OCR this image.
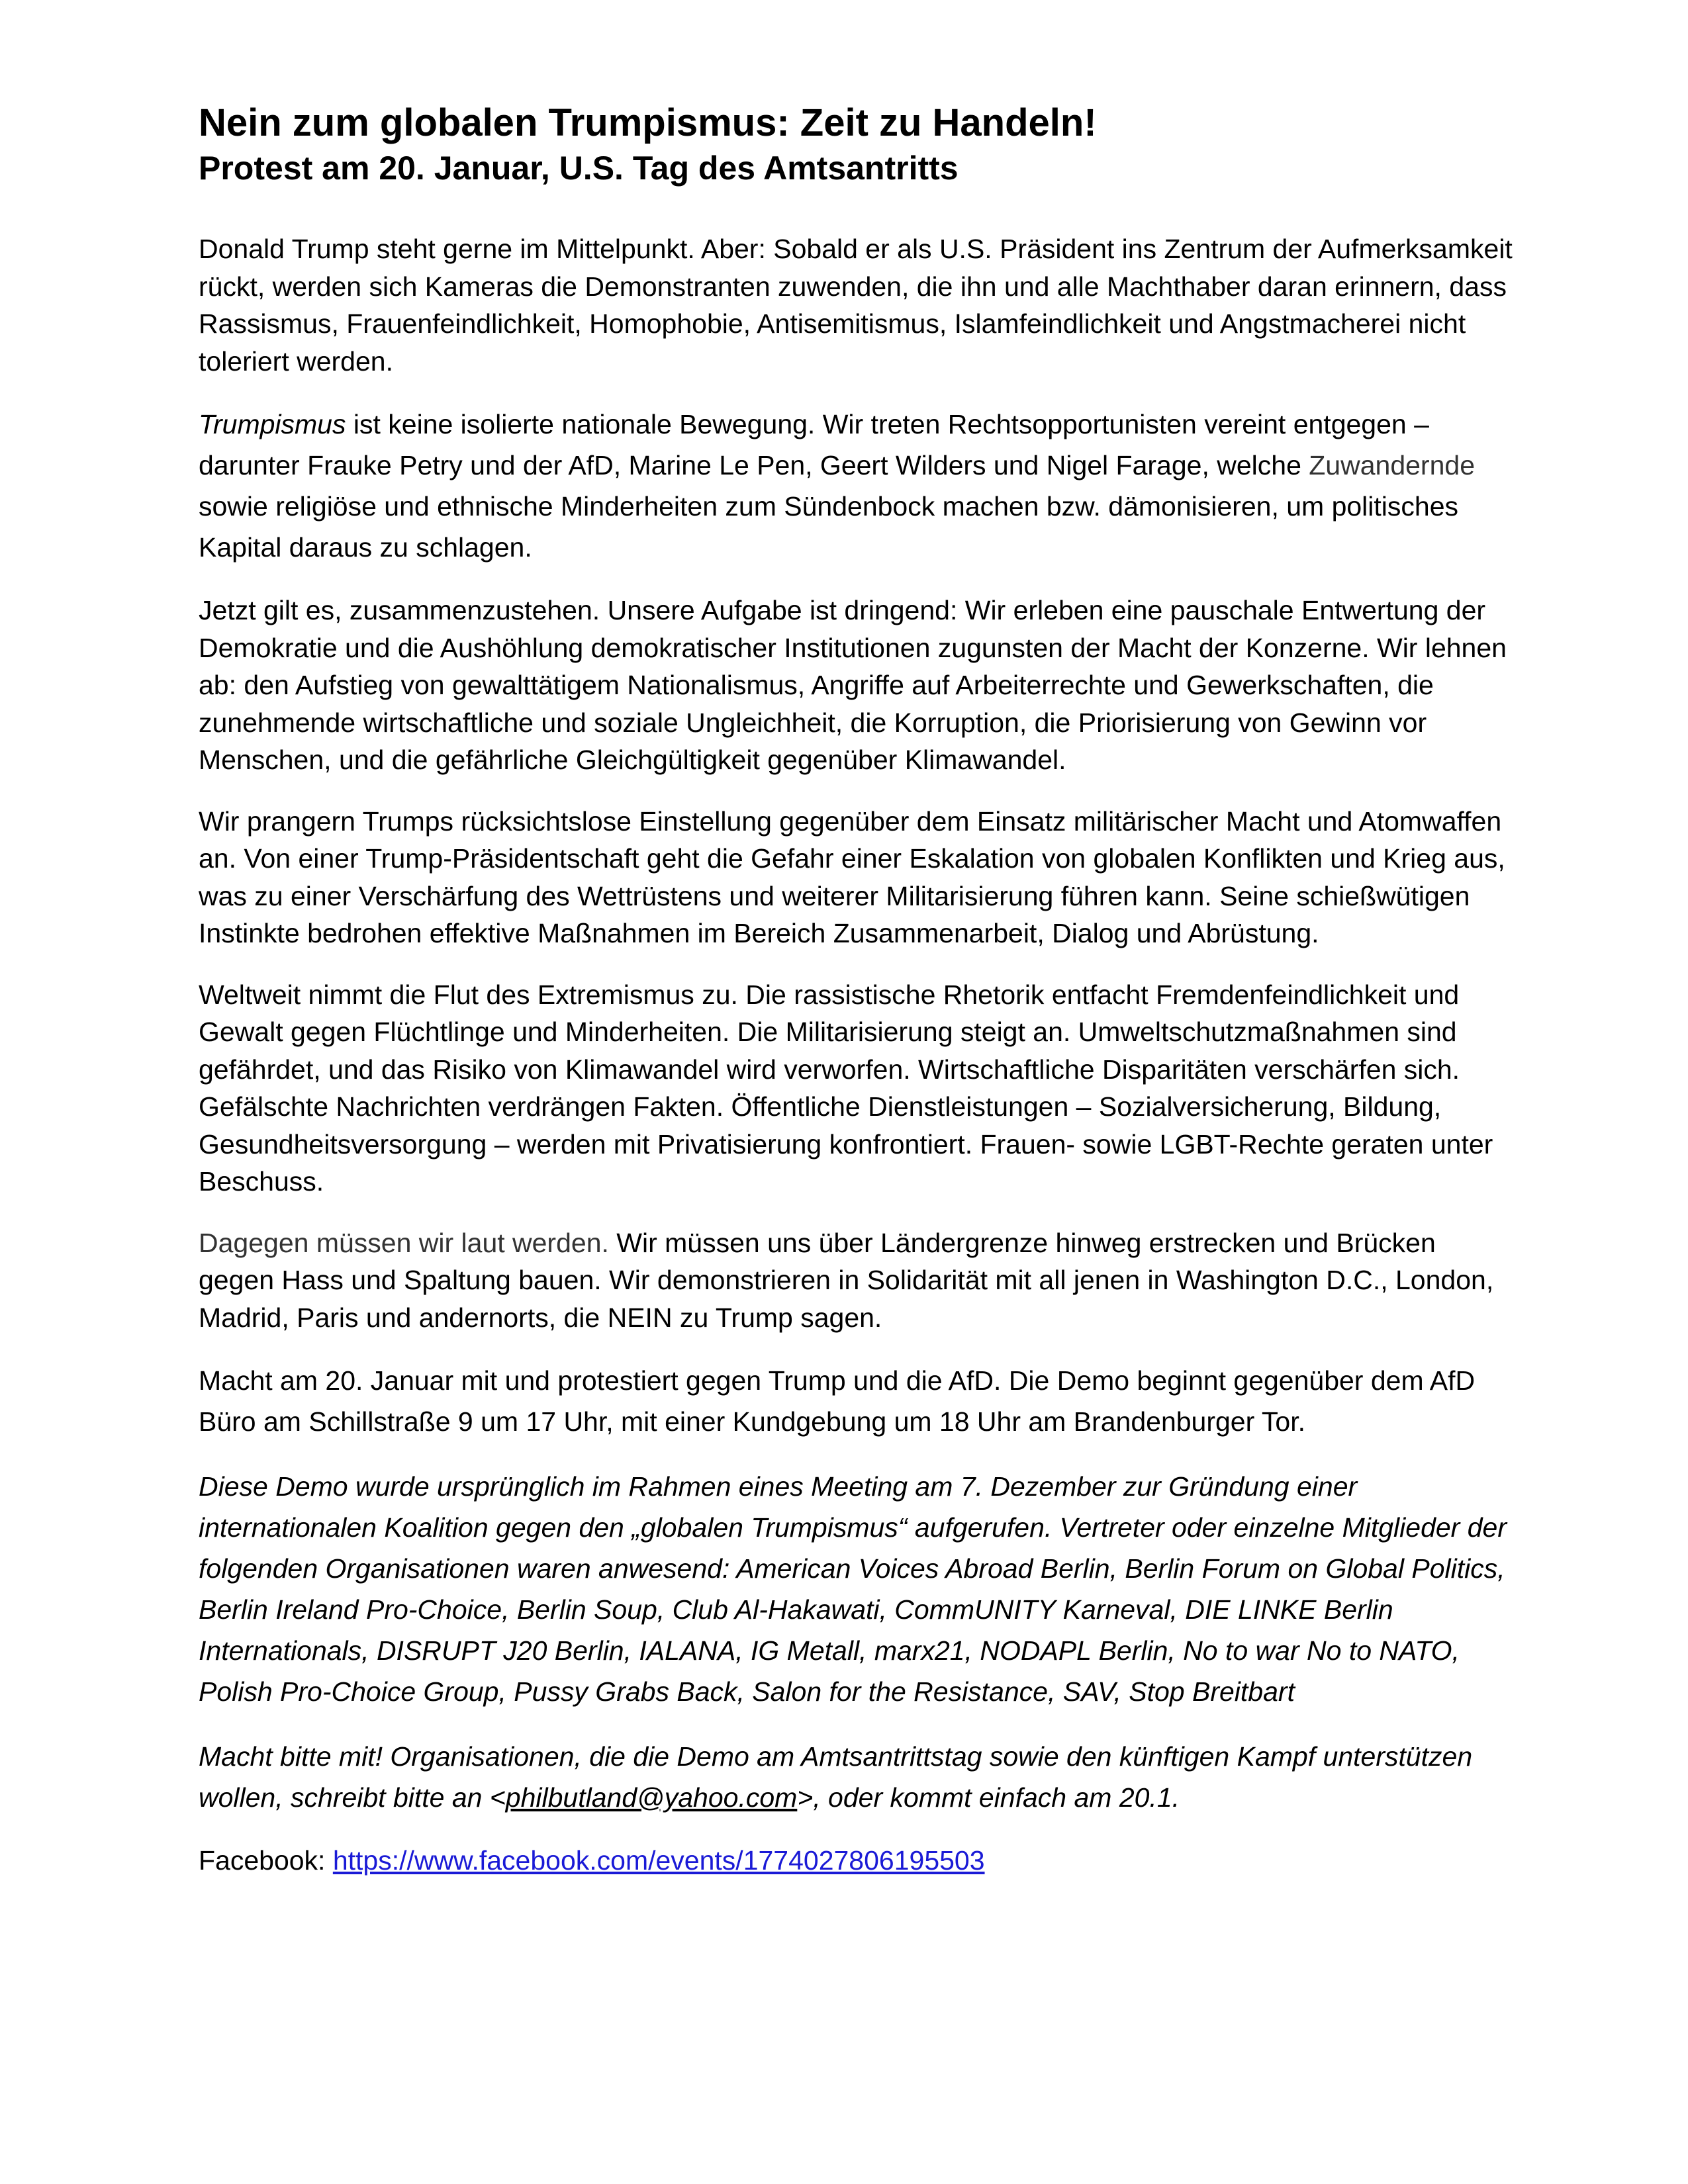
Nein zum globalen Trumpismus: Zeit zu Handeln!
Protest am 20. Januar, U.S. Tag des Amtsantritts

Donald Trump steht gerne im Mittelpunkt. Aber: Sobald er als U.S. Präsident ins Zentrum der Aufmerksamkeit rückt, werden sich Kameras die Demonstranten zuwenden, die ihn und alle Machthaber daran erinnern, dass Rassismus, Frauenfeindlichkeit, Homophobie, Antisemitismus, Islamfeindlichkeit und Angstmacherei nicht toleriert werden.

Trumpismus ist keine isolierte nationale Bewegung. Wir treten Rechtsopportunisten vereint entgegen – darunter Frauke Petry und der AfD, Marine Le Pen, Geert Wilders und Nigel Farage, welche Zuwandernde sowie religiöse und ethnische Minderheiten zum Sündenbock machen bzw. dämonisieren, um politisches Kapital daraus zu schlagen.

Jetzt gilt es, zusammenzustehen. Unsere Aufgabe ist dringend: Wir erleben eine pauschale Entwertung der Demokratie und die Aushöhlung demokratischer Institutionen zugunsten der Macht der Konzerne. Wir lehnen ab: den Aufstieg von gewalttätigem Nationalismus, Angriffe auf Arbeiterrechte und Gewerkschaften, die zunehmende wirtschaftliche und soziale Ungleichheit, die Korruption, die Priorisierung von Gewinn vor Menschen, und die gefährliche Gleichgültigkeit gegenüber Klimawandel.

Wir prangern Trumps rücksichtslose Einstellung gegenüber dem Einsatz militärischer Macht und Atomwaffen an. Von einer Trump-Präsidentschaft geht die Gefahr einer Eskalation von globalen Konflikten und Krieg aus, was zu einer Verschärfung des Wettrüstens und weiterer Militarisierung führen kann. Seine schießwütigen Instinkte bedrohen effektive Maßnahmen im Bereich Zusammenarbeit, Dialog und Abrüstung.

Weltweit nimmt die Flut des Extremismus zu. Die rassistische Rhetorik entfacht Fremdenfeindlichkeit und Gewalt gegen Flüchtlinge und Minderheiten. Die Militarisierung steigt an. Umweltschutzmaßnahmen sind gefährdet, und das Risiko von Klimawandel wird verworfen. Wirtschaftliche Disparitäten verschärfen sich. Gefälschte Nachrichten verdrängen Fakten. Öffentliche Dienstleistungen – Sozialversicherung, Bildung, Gesundheitsversorgung – werden mit Privatisierung konfrontiert. Frauen- sowie LGBT-Rechte geraten unter Beschuss.

Dagegen müssen wir laut werden. Wir müssen uns über Ländergrenze hinweg erstrecken und Brücken gegen Hass und Spaltung bauen. Wir demonstrieren in Solidarität mit all jenen in Washington D.C., London, Madrid, Paris und andernorts, die NEIN zu Trump sagen.

Macht am 20. Januar mit und protestiert gegen Trump und die AfD. Die Demo beginnt gegenüber dem AfD Büro am Schillstraße 9 um 17 Uhr, mit einer Kundgebung um 18 Uhr am Brandenburger Tor.

Diese Demo wurde ursprünglich im Rahmen eines Meeting am 7. Dezember zur Gründung einer internationalen Koalition gegen den „globalen Trumpismus“ aufgerufen. Vertreter oder einzelne Mitglieder der folgenden Organisationen waren anwesend: American Voices Abroad Berlin, Berlin Forum on Global Politics, Berlin Ireland Pro-Choice, Berlin Soup, Club Al-Hakawati, CommUNITY Karneval, DIE LINKE Berlin Internationals, DISRUPT J20 Berlin, IALANA, IG Metall, marx21, NODAPL Berlin, No to war No to NATO, Polish Pro-Choice Group, Pussy Grabs Back, Salon for the Resistance, SAV, Stop Breitbart

Macht bitte mit! Organisationen, die die Demo am Amtsantrittstag sowie den künftigen Kampf unterstützen wollen, schreibt bitte an <philbutland@yahoo.com>, oder kommt einfach am 20.1.

Facebook: https://www.facebook.com/events/1774027806195503
